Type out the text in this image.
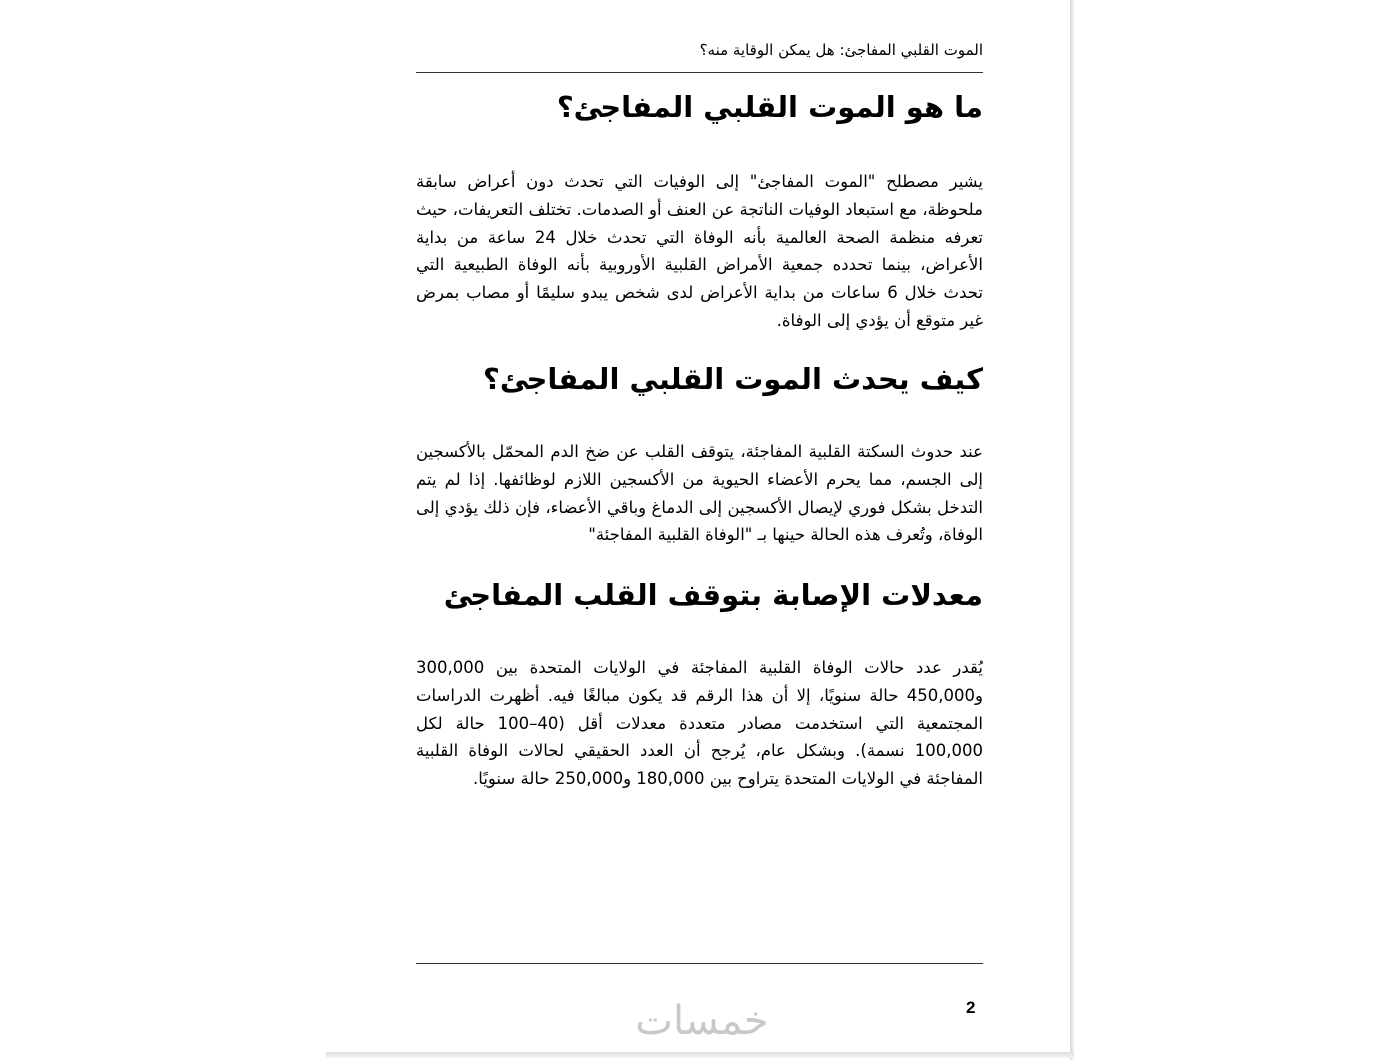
الموت القلبي المفاجئ: هل يمكن الوقاية منه؟
ما هو الموت القلبي المفاجئ؟

يشير مصطلح "الموت المفاجئ" إلى الوفيات التي تحدث دون أعراض سابقة ملحوظة، مع استبعاد الوفيات الناتجة عن العنف أو الصدمات. تختلف التعريفات، حيث تعرفه منظمة الصحة العالمية بأنه الوفاة التي تحدث خلال 24 ساعة من بداية الأعراض، بينما تحدده جمعية الأمراض القلبية الأوروبية بأنه الوفاة الطبيعية التي تحدث خلال 6 ساعات من بداية الأعراض لدى شخص يبدو سليمًا أو مصاب بمرض غير متوقع أن يؤدي إلى الوفاة.

كيف يحدث الموت القلبي المفاجئ؟

عند حدوث السكتة القلبية المفاجئة، يتوقف القلب عن ضخ الدم المحمّل بالأكسجين إلى الجسم، مما يحرم الأعضاء الحيوية من الأكسجين اللازم لوظائفها. إذا لم يتم التدخل بشكل فوري لإيصال الأكسجين إلى الدماغ وباقي الأعضاء، فإن ذلك يؤدي إلى الوفاة، وتُعرف هذه الحالة حينها بـ "الوفاة القلبية المفاجئة"

معدلات الإصابة بتوقف القلب المفاجئ

يُقدر عدد حالات الوفاة القلبية المفاجئة في الولايات المتحدة بين 300,000 و450,000 حالة سنويًا، إلا أن هذا الرقم قد يكون مبالغًا فيه. أظهرت الدراسات المجتمعية التي استخدمت مصادر متعددة معدلات أقل (40–100 حالة لكل 100,000 نسمة). وبشكل عام، يُرجح أن العدد الحقيقي لحالات الوفاة القلبية المفاجئة في الولايات المتحدة يتراوح بين 180,000 و250,000 حالة سنويًا.

2
خمسات
